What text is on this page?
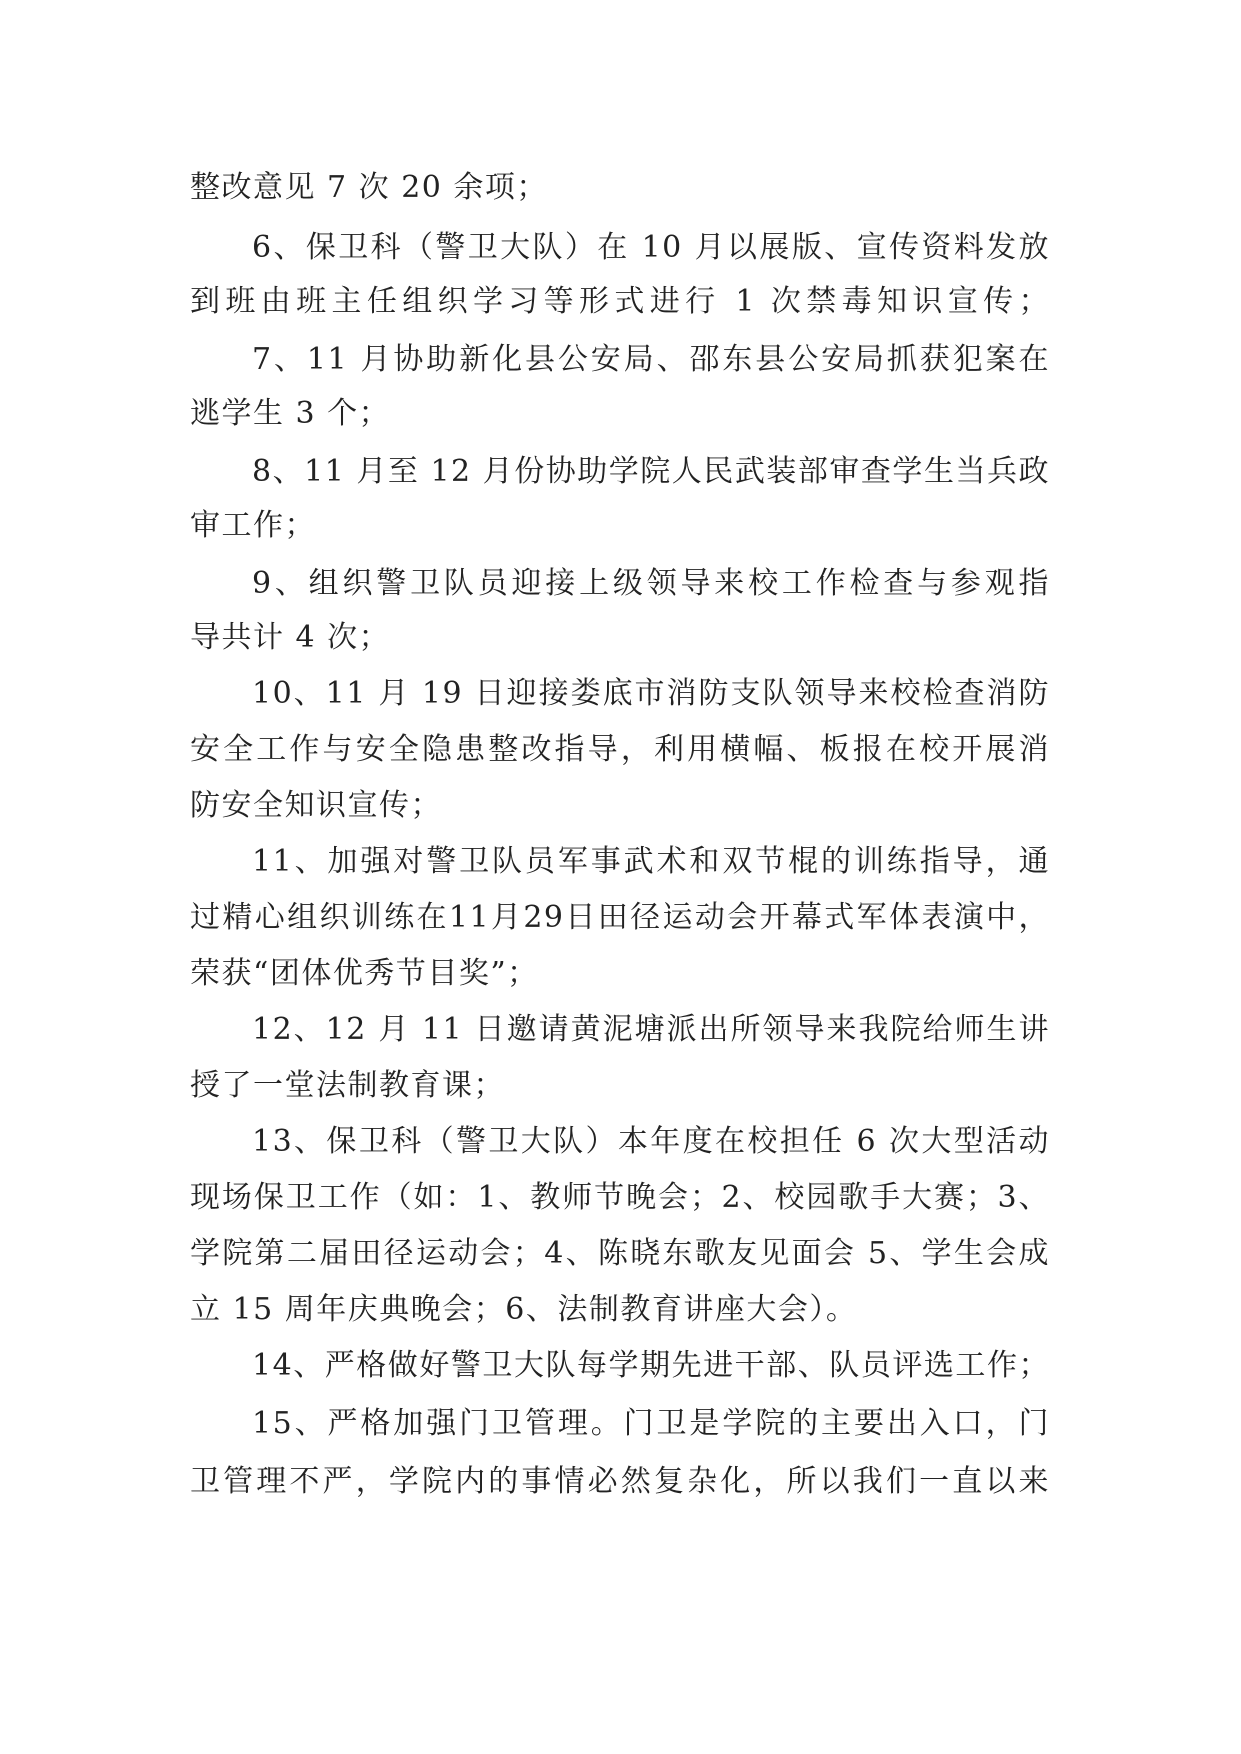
整改意见 7 次 20 余项；
6、保卫科（警卫大队）在 10 月以展版、宣传资料发放
到班由班主任组织学习等形式进行 1 次禁毒知识宣传；
7、11 月协助新化县公安局、邵东县公安局抓获犯案在
逃学生 3 个；
8、11 月至 12 月份协助学院人民武装部审查学生当兵政
审工作；
9、组织警卫队员迎接上级领导来校工作检查与参观指
导共计 4 次；
10、11 月 19 日迎接娄底市消防支队领导来校检查消防
安全工作与安全隐患整改指导，利用横幅、板报在校开展消
防安全知识宣传；
11、加强对警卫队员军事武术和双节棍的训练指导，通
过精心组织训练在11月29日田径运动会开幕式军体表演中，
荣获“团体优秀节目奖”；
12、12 月 11 日邀请黄泥塘派出所领导来我院给师生讲
授了一堂法制教育课；
13、保卫科（警卫大队）本年度在校担任 6 次大型活动
现场保卫工作（如：1、教师节晚会；2、校园歌手大赛；3、
学院第二届田径运动会；4、陈晓东歌友见面会 5、学生会成
立 15 周年庆典晚会；6、法制教育讲座大会）。
14、严格做好警卫大队每学期先进干部、队员评选工作；
15、严格加强门卫管理。门卫是学院的主要出入口，门
卫管理不严，学院内的事情必然复杂化，所以我们一直以来
